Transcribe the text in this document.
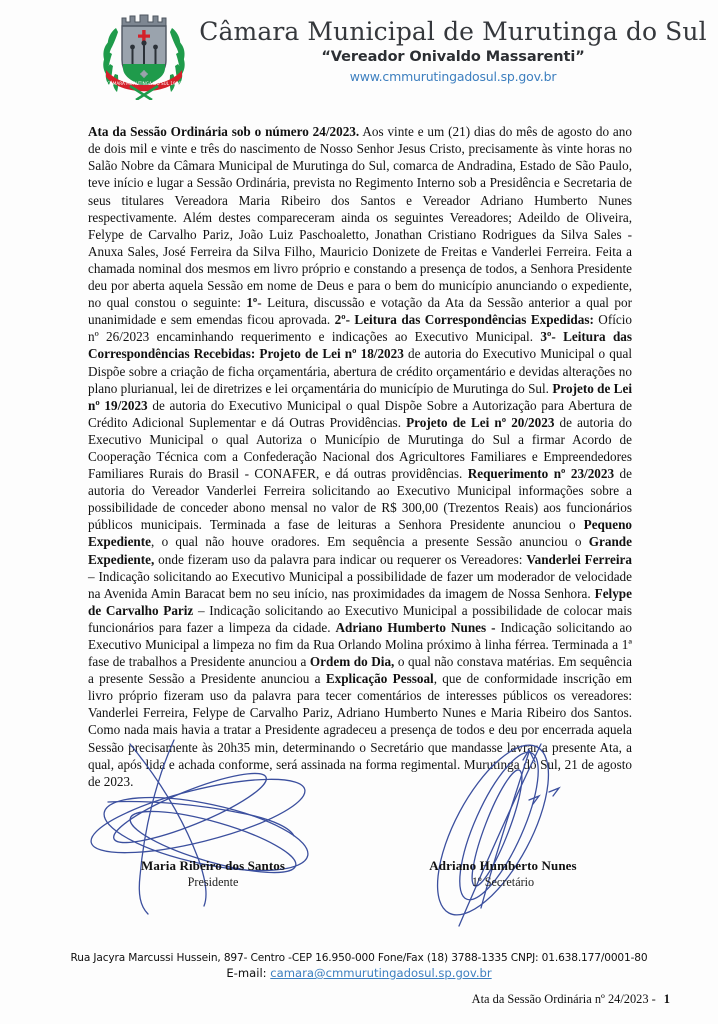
CÂMARA MURUTINGA DO SUL 1956
Câmara Municipal de Murutinga do Sul
“Vereador Onivaldo Massarenti”
www.cmmurutingadosul.sp.gov.br

Ata da Sessão Ordinária sob o número 24/2023. Aos vinte e um (21) dias do mês de agosto do ano de dois mil e vinte e três do nascimento de Nosso Senhor Jesus Cristo, precisamente às vinte horas no Salão Nobre da Câmara Municipal de Murutinga do Sul, comarca de Andradina, Estado de São Paulo, teve início e lugar a Sessão Ordinária, prevista no Regimento Interno sob a Presidência e Secretaria de seus titulares Vereadora Maria Ribeiro dos Santos e Vereador Adriano Humberto Nunes respectivamente. Além destes compareceram ainda os seguintes Vereadores; Adeildo de Oliveira, Felype de Carvalho Pariz, João Luiz Paschoaletto, Jonathan Cristiano Rodrigues da Silva Sales - Anuxa Sales, José Ferreira da Silva Filho, Mauricio Donizete de Freitas e Vanderlei Ferreira. Feita a chamada nominal dos mesmos em livro próprio e constando a presença de todos, a Senhora Presidente deu por aberta aquela Sessão em nome de Deus e para o bem do município anunciando o expediente, no qual constou o seguinte: 1º- Leitura, discussão e votação da Ata da Sessão anterior a qual por unanimidade e sem emendas ficou aprovada. 2º- Leitura das Correspondências Expedidas: Ofício nº 26/2023 encaminhando requerimento e indicações ao Executivo Municipal. 3º- Leitura das Correspondências Recebidas: Projeto de Lei nº 18/2023 de autoria do Executivo Municipal o qual Dispõe sobre a criação de ficha orçamentária, abertura de crédito orçamentário e devidas alterações no plano plurianual, lei de diretrizes e lei orçamentária do município de Murutinga do Sul. Projeto de Lei nº 19/2023 de autoria do Executivo Municipal o qual Dispõe Sobre a Autorização para Abertura de Crédito Adicional Suplementar e dá Outras Providências. Projeto de Lei nº 20/2023 de autoria do Executivo Municipal o qual Autoriza o Município de Murutinga do Sul a firmar Acordo de Cooperação Técnica com a Confederação Nacional dos Agricultores Familiares e Empreendedores Familiares Rurais do Brasil - CONAFER, e dá outras providências. Requerimento nº 23/2023 de autoria do Vereador Vanderlei Ferreira solicitando ao Executivo Municipal informações sobre a possibilidade de conceder abono mensal no valor de R$ 300,00 (Trezentos Reais) aos funcionários públicos municipais. Terminada a fase de leituras a Senhora Presidente anunciou o Pequeno Expediente, o qual não houve oradores. Em sequência a presente Sessão anunciou o Grande Expediente, onde fizeram uso da palavra para indicar ou requerer os Vereadores: Vanderlei Ferreira – Indicação solicitando ao Executivo Municipal a possibilidade de fazer um moderador de velocidade na Avenida Amin Baracat bem no seu início, nas proximidades da imagem de Nossa Senhora. Felype de Carvalho Pariz – Indicação solicitando ao Executivo Municipal a possibilidade de colocar mais funcionários para fazer a limpeza da cidade. Adriano Humberto Nunes - Indicação solicitando ao Executivo Municipal a limpeza no fim da Rua Orlando Molina próximo à linha férrea. Terminada a 1ª fase de trabalhos a Presidente anunciou a Ordem do Dia, o qual não constava matérias. Em sequência a presente Sessão a Presidente anunciou a Explicação Pessoal, que de conformidade inscrição em livro próprio fizeram uso da palavra para tecer comentários de interesses públicos os vereadores: Vanderlei Ferreira, Felype de Carvalho Pariz, Adriano Humberto Nunes e Maria Ribeiro dos Santos. Como nada mais havia a tratar a Presidente agradeceu a presença de todos e deu por encerrada aquela Sessão precisamente às 20h35 min, determinando o Secretário que mandasse lavrar a presente Ata, a qual, após lida e achada conforme, será assinada na forma regimental. Murutinga do Sul, 21 de agosto de 2023.

Maria Ribeiro dos Santos
Presidente
Adriano Humberto Nunes
1º Secretário
Rua Jacyra Marcussi Hussein, 897- Centro -CEP 16.950-000 Fone/Fax (18) 3788-1335 CNPJ: 01.638.177/0001-80
E-mail: camara@cmmurutingadosul.sp.gov.br
Ata da Sessão Ordinária nº 24/2023 - 1
